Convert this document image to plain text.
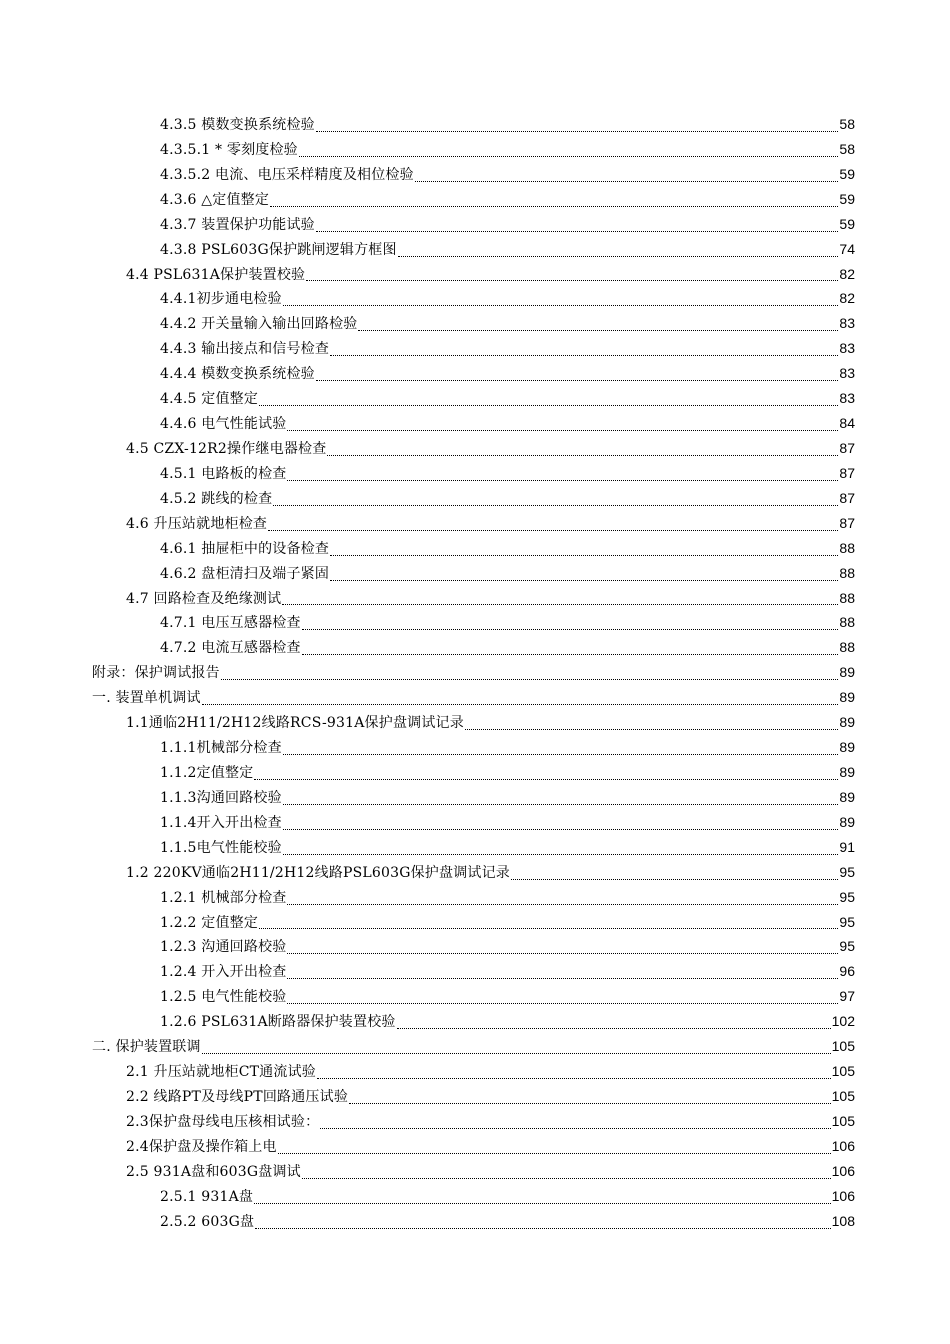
4.3.5 模数变换系统检验	58
4.3.5.1 * 零刻度检验	58
4.3.5.2 电流、电压采样精度及相位检验	59
4.3.6 △定值整定	59
4.3.7 装置保护功能试验	59
4.3.8 PSL603G保护跳闸逻辑方框图	74
4.4 PSL631A保护装置校验	82
4.4.1初步通电检验	82
4.4.2 开关量输入输出回路检验	83
4.4.3 输出接点和信号检查	83
4.4.4 模数变换系统检验	83
4.4.5 定值整定	83
4.4.6 电气性能试验	84
4.5 CZX-12R2操作继电器检查	87
4.5.1 电路板的检查	87
4.5.2 跳线的检查	87
4.6 升压站就地柜检查	87
4.6.1 抽屉柜中的设备检查	88
4.6.2 盘柜清扫及端子紧固	88
4.7 回路检查及绝缘测试	88
4.7.1 电压互感器检查	88
4.7.2 电流互感器检查	88
附录：保护调试报告	89
一. 装置单机调试	89
1.1通临2H11/2H12线路RCS-931A保护盘调试记录	89
1.1.1机械部分检查	89
1.1.2定值整定	89
1.1.3沟通回路校验	89
1.1.4开入开出检查	89
1.1.5电气性能校验	91
1.2 220KV通临2H11/2H12线路PSL603G保护盘调试记录	95
1.2.1 机械部分检查	95
1.2.2 定值整定	95
1.2.3 沟通回路校验	95
1.2.4 开入开出检查	96
1.2.5 电气性能校验	97
1.2.6 PSL631A断路器保护装置校验	102
二. 保护装置联调	105
2.1 升压站就地柜CT通流试验	105
2.2 线路PT及母线PT回路通压试验	105
2.3保护盘母线电压核相试验：	105
2.4保护盘及操作箱上电	106
2.5 931A盘和603G盘调试	106
2.5.1 931A盘	106
2.5.2 603G盘	108
